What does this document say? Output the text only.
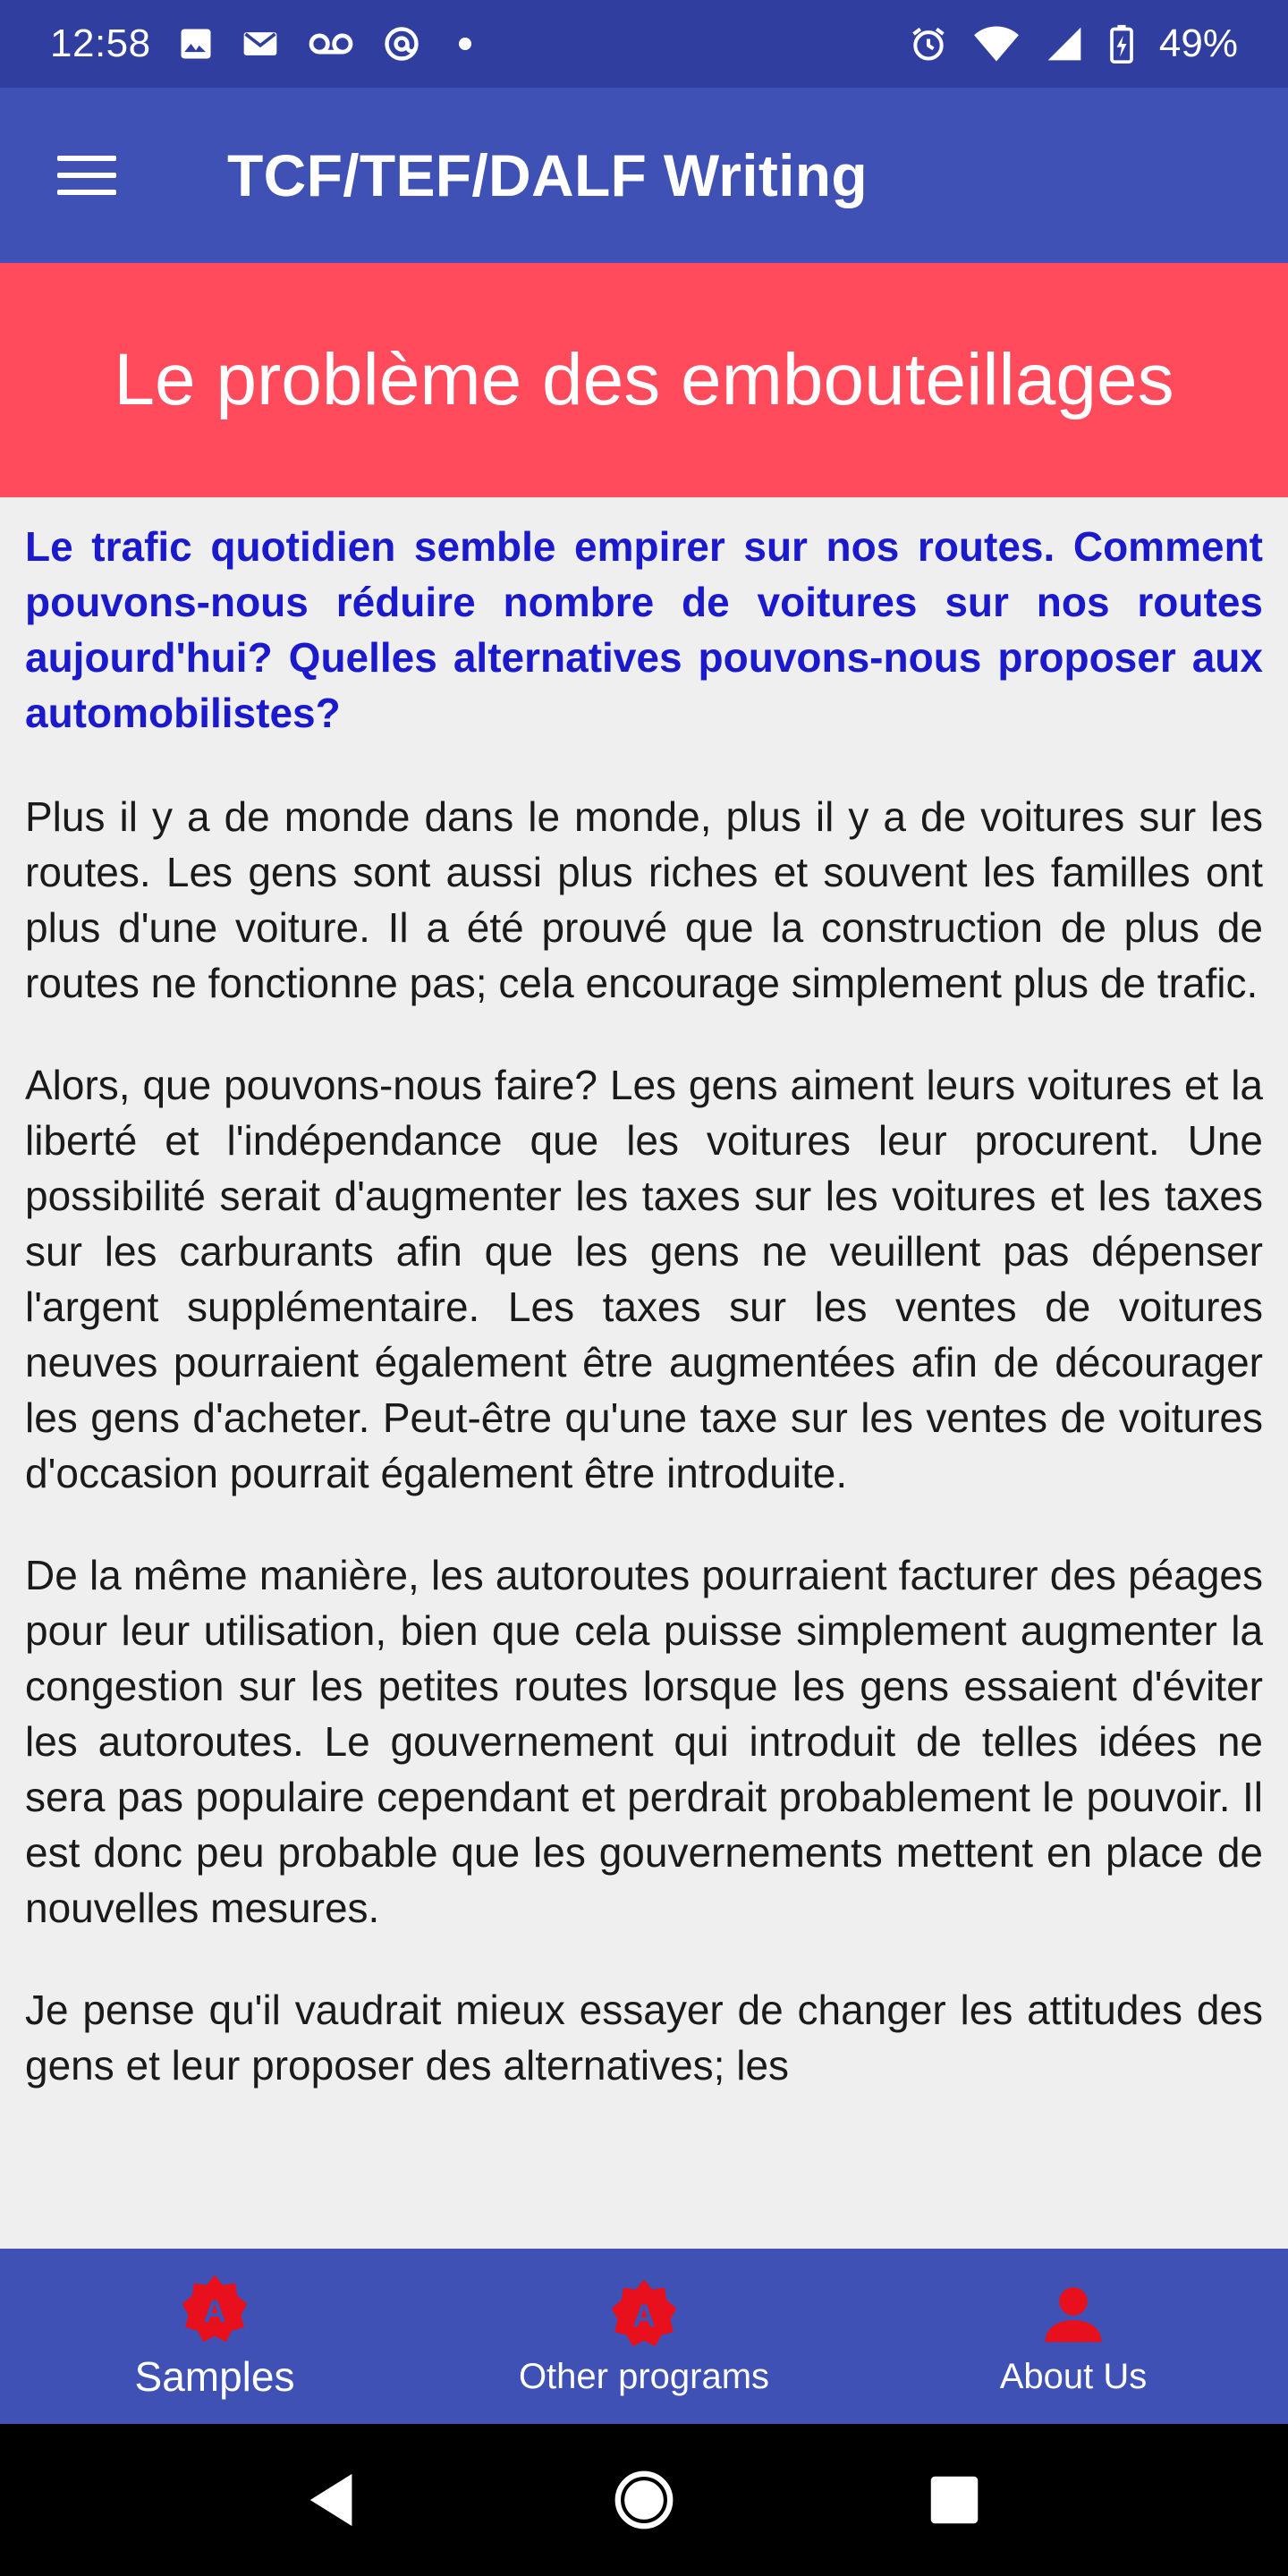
12:58	49%
TCF/TEF/DALF Writing
Le problème des embouteillages

Le trafic quotidien semble empirer sur nos routes. Comment pouvons-nous réduire nombre de voitures sur nos routes aujourd'hui? Quelles alternatives pouvons-nous proposer aux automobilistes?

Plus il y a de monde dans le monde, plus il y a de voitures sur les routes. Les gens sont aussi plus riches et souvent les familles ont plus d'une voiture. Il a été prouvé que la construction de plus de routes ne fonctionne pas; cela encourage simplement plus de trafic.

Alors, que pouvons-nous faire? Les gens aiment leurs voitures et la liberté et l'indépendance que les voitures leur procurent. Une possibilité serait d'augmenter les taxes sur les voitures et les taxes sur les carburants afin que les gens ne veuillent pas dépenser l'argent supplémentaire. Les taxes sur les ventes de voitures neuves pourraient également être augmentées afin de décourager les gens d'acheter. Peut-être qu'une taxe sur les ventes de voitures d'occasion pourrait également être introduite.

De la même manière, les autoroutes pourraient facturer des péages pour leur utilisation, bien que cela puisse simplement augmenter la congestion sur les petites routes lorsque les gens essaient d'éviter les autoroutes. Le gouvernement qui introduit de telles idées ne sera pas populaire cependant et perdrait probablement le pouvoir. Il est donc peu probable que les gouvernements mettent en place de nouvelles mesures.

Je pense qu'il vaudrait mieux essayer de changer les attitudes des gens et leur proposer des alternatives; les

A
Samples
A
Other programs	About Us
